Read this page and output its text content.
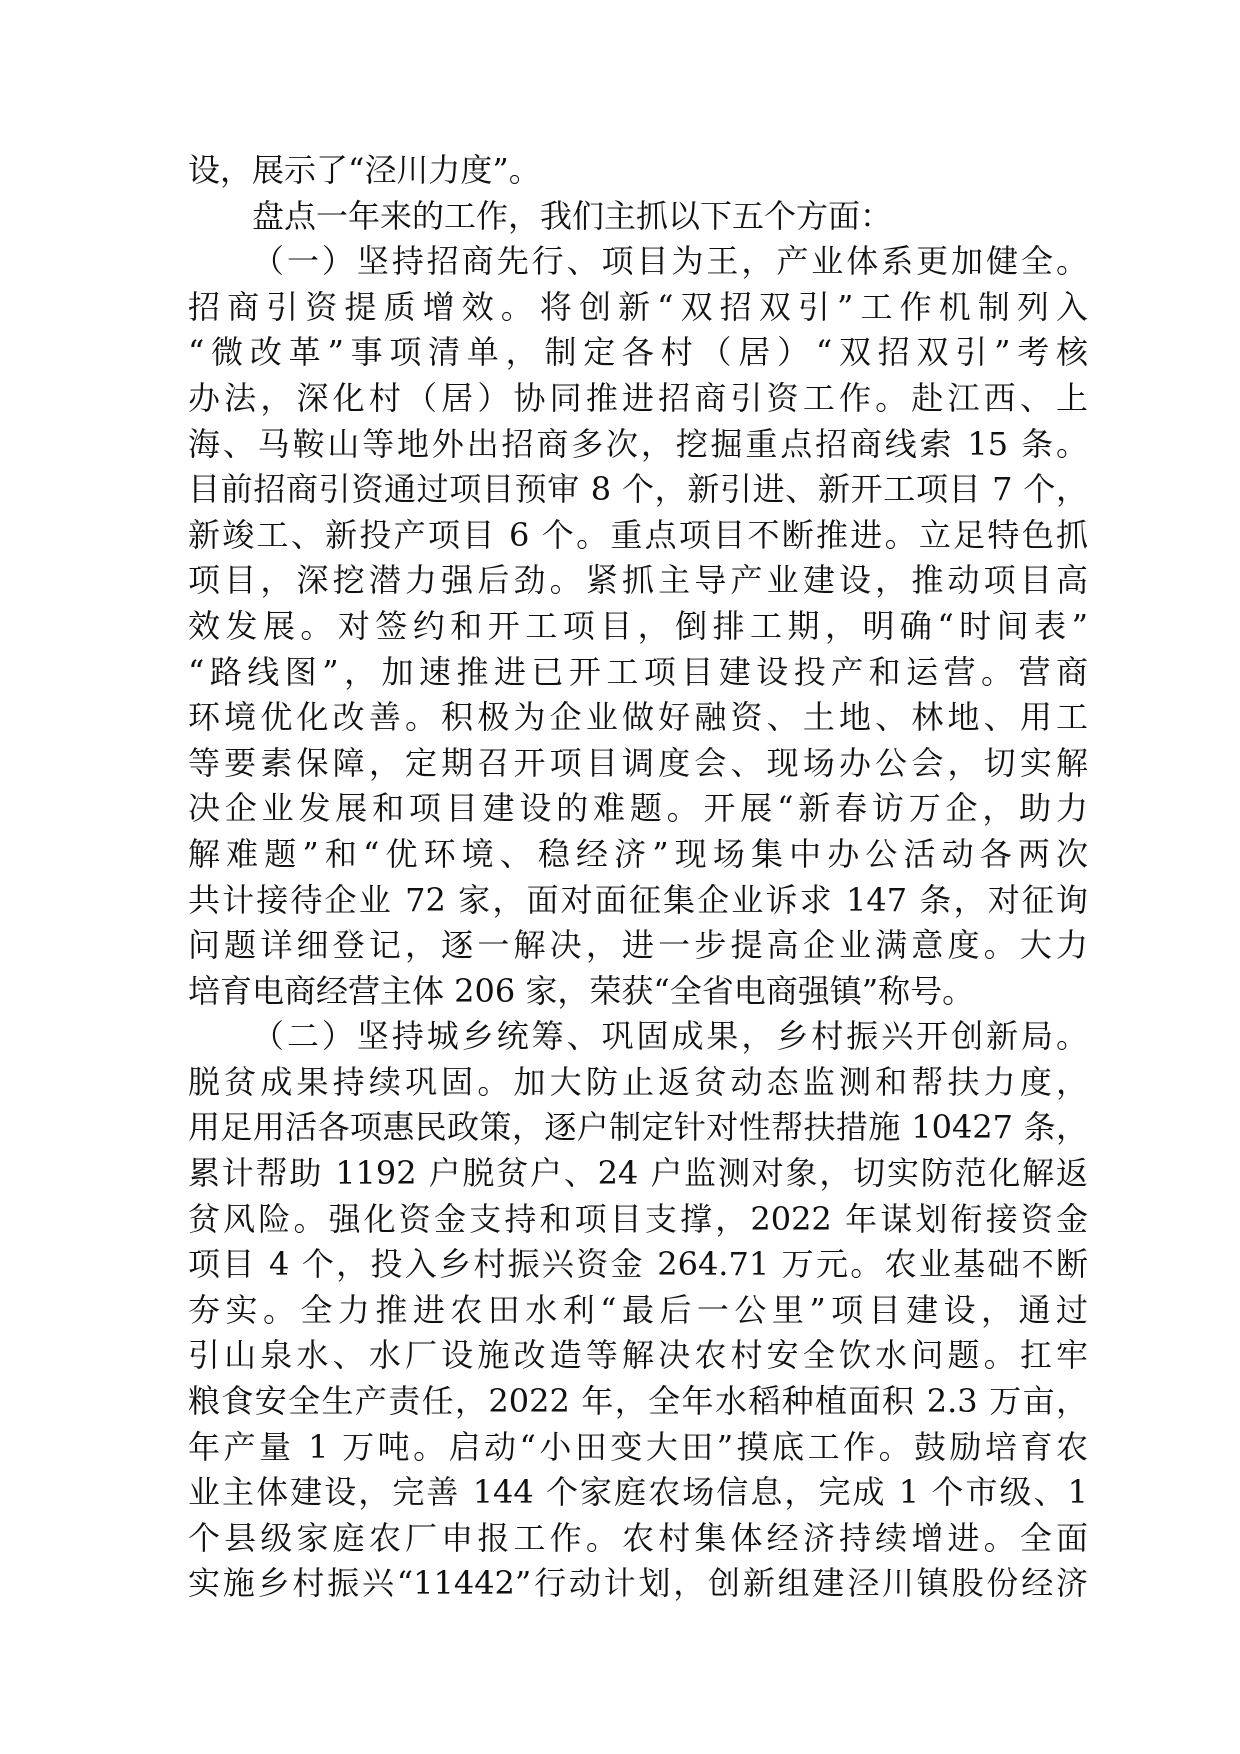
设，展示了“泾川力度”。
盘点一年来的工作，我们主抓以下五个方面：
（一）坚持招商先行、项目为王，产业体系更加健全。
招商引资提质增效。将创新“双招双引”工作机制列入
“微改革”事项清单，制定各村（居）“双招双引”考核
办法，深化村（居）协同推进招商引资工作。赴江西、上
海、马鞍山等地外出招商多次，挖掘重点招商线索 15 条。
目前招商引资通过项目预审 8 个，新引进、新开工项目 7 个，
新竣工、新投产项目 6 个。重点项目不断推进。立足特色抓
项目，深挖潜力强后劲。紧抓主导产业建设，推动项目高
效发展。对签约和开工项目，倒排工期，明确“时间表”
“路线图”，加速推进已开工项目建设投产和运营。营商
环境优化改善。积极为企业做好融资、土地、林地、用工
等要素保障，定期召开项目调度会、现场办公会，切实解
决企业发展和项目建设的难题。开展“新春访万企，助力
解难题”和“优环境、稳经济”现场集中办公活动各两次
共计接待企业 72 家，面对面征集企业诉求 147 条，对征询
问题详细登记，逐一解决，进一步提高企业满意度。大力
培育电商经营主体 206 家，荣获“全省电商强镇”称号。
（二）坚持城乡统筹、巩固成果，乡村振兴开创新局。
脱贫成果持续巩固。加大防止返贫动态监测和帮扶力度，
用足用活各项惠民政策，逐户制定针对性帮扶措施 10427 条，
累计帮助 1192 户脱贫户、24 户监测对象，切实防范化解返
贫风险。强化资金支持和项目支撑，2022 年谋划衔接资金
项目 4 个，投入乡村振兴资金 264.71 万元。农业基础不断
夯实。全力推进农田水利“最后一公里”项目建设，通过
引山泉水、水厂设施改造等解决农村安全饮水问题。扛牢
粮食安全生产责任，2022 年，全年水稻种植面积 2.3 万亩，
年产量 1 万吨。启动“小田变大田”摸底工作。鼓励培育农
业主体建设，完善 144 个家庭农场信息，完成 1 个市级、1
个县级家庭农厂申报工作。农村集体经济持续增进。全面
实施乡村振兴“11442”行动计划，创新组建泾川镇股份经济
